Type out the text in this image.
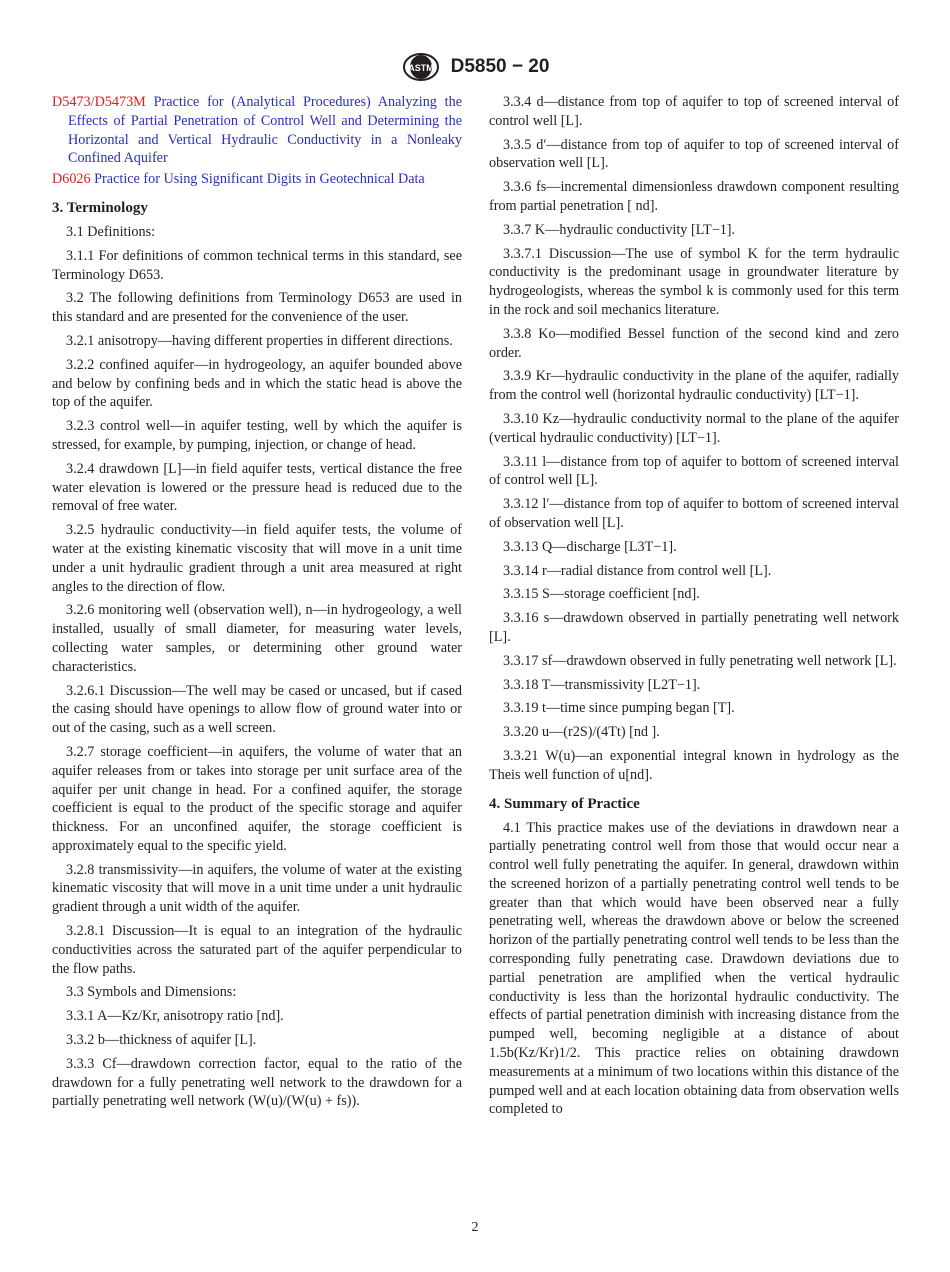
ASTM D5850 − 20

D5473/D5473M Practice for (Analytical Procedures) Analyzing the Effects of Partial Penetration of Control Well and Determining the Horizontal and Vertical Hydraulic Conductivity in a Nonleaky Confined Aquifer

D6026 Practice for Using Significant Digits in Geotechnical Data

3. Terminology

3.1 Definitions:

3.1.1 For definitions of common technical terms in this standard, see Terminology D653.

3.2 The following definitions from Terminology D653 are used in this standard and are presented for the convenience of the user.

3.2.1 anisotropy—having different properties in different directions.

3.2.2 confined aquifer—in hydrogeology, an aquifer bounded above and below by confining beds and in which the static head is above the top of the aquifer.

3.2.3 control well—in aquifer testing, well by which the aquifer is stressed, for example, by pumping, injection, or change of head.

3.2.4 drawdown [L]—in field aquifer tests, vertical distance the free water elevation is lowered or the pressure head is reduced due to the removal of free water.

3.2.5 hydraulic conductivity—in field aquifer tests, the volume of water at the existing kinematic viscosity that will move in a unit time under a unit hydraulic gradient through a unit area measured at right angles to the direction of flow.

3.2.6 monitoring well (observation well), n—in hydrogeology, a well installed, usually of small diameter, for measuring water levels, collecting water samples, or determining other ground water characteristics.

3.2.6.1 Discussion—The well may be cased or uncased, but if cased the casing should have openings to allow flow of ground water into or out of the casing, such as a well screen.

3.2.7 storage coefficient—in aquifers, the volume of water that an aquifer releases from or takes into storage per unit surface area of the aquifer per unit change in head. For a confined aquifer, the storage coefficient is equal to the product of the specific storage and aquifer thickness. For an unconfined aquifer, the storage coefficient is approximately equal to the specific yield.

3.2.8 transmissivity—in aquifers, the volume of water at the existing kinematic viscosity that will move in a unit time under a unit hydraulic gradient through a unit width of the aquifer.

3.2.8.1 Discussion—It is equal to an integration of the hydraulic conductivities across the saturated part of the aquifer perpendicular to the flow paths.

3.3 Symbols and Dimensions:

3.3.1 A—Kz/Kr, anisotropy ratio [nd].

3.3.2 b—thickness of aquifer [L].

3.3.3 Cf—drawdown correction factor, equal to the ratio of the drawdown for a fully penetrating well network to the drawdown for a partially penetrating well network (W(u)/(W(u) + fs)).

3.3.4 d—distance from top of aquifer to top of screened interval of control well [L].

3.3.5 d′—distance from top of aquifer to top of screened interval of observation well [L].

3.3.6 fs—incremental dimensionless drawdown component resulting from partial penetration [ nd].

3.3.7 K—hydraulic conductivity [LT−1].

3.3.7.1 Discussion—The use of symbol K for the term hydraulic conductivity is the predominant usage in groundwater literature by hydrogeologists, whereas the symbol k is commonly used for this term in the rock and soil mechanics literature.

3.3.8 Ko—modified Bessel function of the second kind and zero order.

3.3.9 Kr—hydraulic conductivity in the plane of the aquifer, radially from the control well (horizontal hydraulic conductivity) [LT−1].

3.3.10 Kz—hydraulic conductivity normal to the plane of the aquifer (vertical hydraulic conductivity) [LT−1].

3.3.11 l—distance from top of aquifer to bottom of screened interval of control well [L].

3.3.12 l′—distance from top of aquifer to bottom of screened interval of observation well [L].

3.3.13 Q—discharge [L3T−1].

3.3.14 r—radial distance from control well [L].

3.3.15 S—storage coefficient [nd].

3.3.16 s—drawdown observed in partially penetrating well network [L].

3.3.17 sf—drawdown observed in fully penetrating well network [L].

3.3.18 T—transmissivity [L2T−1].

3.3.19 t—time since pumping began [T].

3.3.20 u—(r2S)/(4Tt) [nd ].

3.3.21 W(u)—an exponential integral known in hydrology as the Theis well function of u[nd].

4. Summary of Practice

4.1 This practice makes use of the deviations in drawdown near a partially penetrating control well from those that would occur near a control well fully penetrating the aquifer. In general, drawdown within the screened horizon of a partially penetrating control well tends to be greater than that which would have been observed near a fully penetrating well, whereas the drawdown above or below the screened horizon of the partially penetrating control well tends to be less than the corresponding fully penetrating case. Drawdown deviations due to partial penetration are amplified when the vertical hydraulic conductivity is less than the horizontal hydraulic conductivity. The effects of partial penetration diminish with increasing distance from the pumped well, becoming negligible at a distance of about 1.5b(Kz/Kr)1/2. This practice relies on obtaining drawdown measurements at a minimum of two locations within this distance of the pumped well and at each location obtaining data from observation wells completed to

2
